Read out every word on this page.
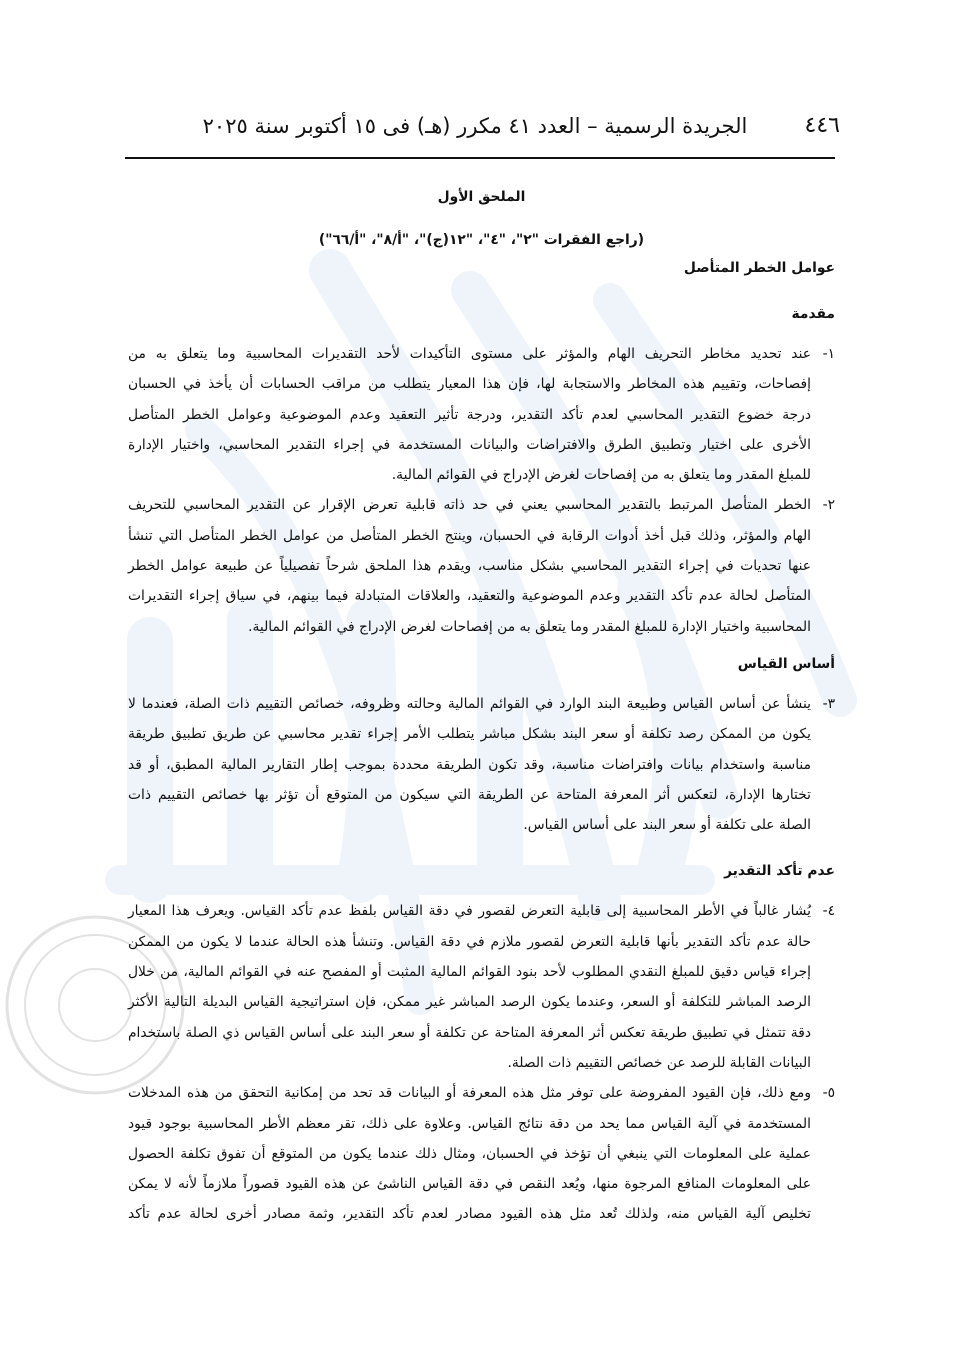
٤٤٦
الجريدة الرسمية – العدد ٤١ مكرر (هـ) فى ١٥ أكتوبر سنة ٢٠٢٥
الملحق الأول
(راجع الفقرات "٢"، "٤"، "١٢(ج)"، "أ/٨"، "أ/٦٦")
عوامل الخطر المتأصل
مقدمة
١-
عند تحديد مخاطر التحريف الهام والمؤثر على مستوى التأكيدات لأحد التقديرات المحاسبية وما يتعلق به من
إفصاحات، وتقييم هذه المخاطر والاستجابة لها، فإن هذا المعيار يتطلب من مراقب الحسابات أن يأخذ في الحسبان
درجة خضوع التقدير المحاسبي لعدم تأكد التقدير، ودرجة تأثير التعقيد وعدم الموضوعية وعوامل الخطر المتأصل
الأخرى على اختيار وتطبيق الطرق والافتراضات والبيانات المستخدمة في إجراء التقدير المحاسبي، واختيار الإدارة
للمبلغ المقدر وما يتعلق به من إفصاحات لغرض الإدراج في القوائم المالية.
٢-
الخطر المتأصل المرتبط بالتقدير المحاسبي يعني في حد ذاته قابلية تعرض الإقرار عن التقدير المحاسبي للتحريف
الهام والمؤثر، وذلك قبل أخذ أدوات الرقابة في الحسبان، وينتج الخطر المتأصل من عوامل الخطر المتأصل التي تنشأ
عنها تحديات في إجراء التقدير المحاسبي بشكل مناسب، ويقدم هذا الملحق شرحاً تفصيلياً عن طبيعة عوامل الخطر
المتأصل لحالة عدم تأكد التقدير وعدم الموضوعية والتعقيد، والعلاقات المتبادلة فيما بينهم، في سياق إجراء التقديرات
المحاسبية واختيار الإدارة للمبلغ المقدر وما يتعلق به من إفصاحات لغرض الإدراج في القوائم المالية.
أساس القياس
٣-
ينشأ عن أساس القياس وطبيعة البند الوارد في القوائم المالية وحالته وظروفه، خصائص التقييم ذات الصلة، فعندما لا
يكون من الممكن رصد تكلفة أو سعر البند بشكل مباشر يتطلب الأمر إجراء تقدير محاسبي عن طريق تطبيق طريقة
مناسبة واستخدام بيانات وافتراضات مناسبة، وقد تكون الطريقة محددة بموجب إطار التقارير المالية المطبق، أو قد
تختارها الإدارة، لتعكس أثر المعرفة المتاحة عن الطريقة التي سيكون من المتوقع أن تؤثر بها خصائص التقييم ذات
الصلة على تكلفة أو سعر البند على أساس القياس.
عدم تأكد التقدير
٤-
يُشار غالباً في الأطر المحاسبية إلى قابلية التعرض لقصور في دقة القياس بلفظ عدم تأكد القياس. ويعرف هذا المعيار
حالة عدم تأكد التقدير بأنها قابلية التعرض لقصور ملازم في دقة القياس. وتنشأ هذه الحالة عندما لا يكون من الممكن
إجراء قياس دقيق للمبلغ النقدي المطلوب لأحد بنود القوائم المالية المثبت أو المفصح عنه في القوائم المالية، من خلال
الرصد المباشر للتكلفة أو السعر، وعندما يكون الرصد المباشر غير ممكن، فإن استراتيجية القياس البديلة التالية الأكثر
دقة تتمثل في تطبيق طريقة تعكس أثر المعرفة المتاحة عن تكلفة أو سعر البند على أساس القياس ذي الصلة باستخدام
البيانات القابلة للرصد عن خصائص التقييم ذات الصلة.
٥-
ومع ذلك، فإن القيود المفروضة على توفر مثل هذه المعرفة أو البيانات قد تحد من إمكانية التحقق من هذه المدخلات
المستخدمة في آلية القياس مما يحد من دقة نتائج القياس. وعلاوة على ذلك، تقر معظم الأطر المحاسبية بوجود قيود
عملية على المعلومات التي ينبغي أن تؤخذ في الحسبان، ومثال ذلك عندما يكون من المتوقع أن تفوق تكلفة الحصول
على المعلومات المنافع المرجوة منها، ويُعد النقص في دقة القياس الناشئ عن هذه القيود قصوراً ملازماً لأنه لا يمكن
تخليص آلية القياس منه، ولذلك تُعد مثل هذه القيود مصادر لعدم تأكد التقدير، وثمة مصادر أخرى لحالة عدم تأكد
